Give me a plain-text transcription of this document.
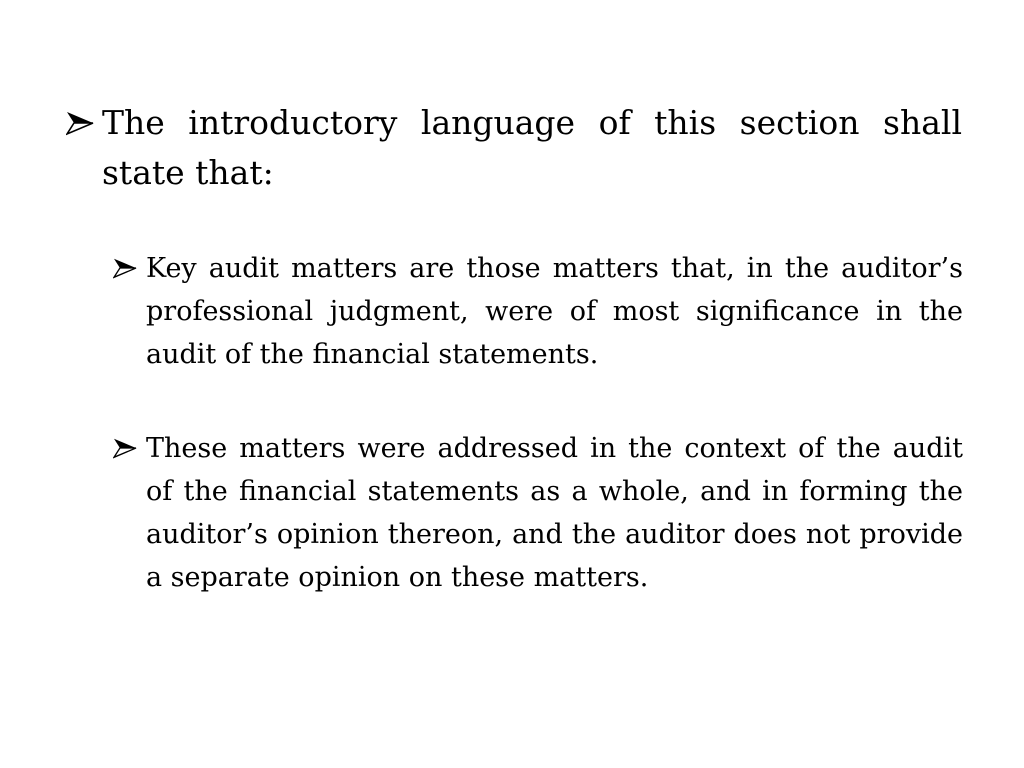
The introductory language of this section shall state that:
Key audit matters are those matters that, in the auditor’s professional judgment, were of most significance in the audit of the financial statements.
These matters were addressed in the context of the audit of the financial statements as a whole, and in forming the auditor’s opinion thereon, and the auditor does not provide a separate opinion on these matters.
